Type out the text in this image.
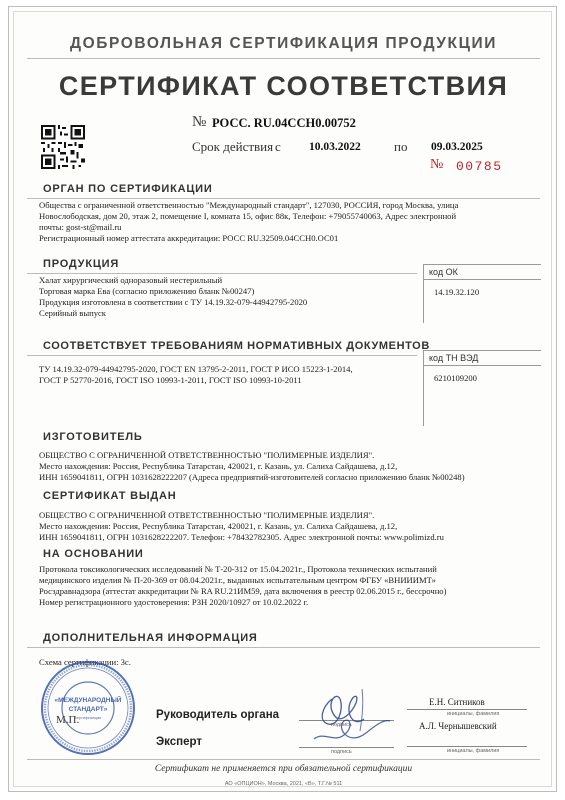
ДОБРОВОЛЬНАЯ СЕРТИФИКАЦИЯ ПРОДУКЦИИ
СЕРТИФИКАТ СООТВЕТСТВИЯ
№ РОСС. RU.04ССН0.00752
Срок действия с 10.03.2022	по 09.03.2025
№ 00785
ОРГАН ПО СЕРТИФИКАЦИИ
Общества с ограниченной ответственностью "Международный стандарт", 127030, РОССИЯ, город Москва, улица
Новослободская, дом 20, этаж 2, помещение I, комната 15, офис 88к, Телефон: +79055740063, Адрес электронной
почты: gost-st@mail.ru
Регистрационный номер аттестата аккредитации: РОСС RU.32509.04ССН0.ОС01
ПРОДУКЦИЯ
Халат хирургический одноразовый нестерильный
Торговая марка Ева (согласно приложению бланк №00247)
Продукция изготовлена в соответствии с ТУ 14.19.32-079-44942795-2020
Серийный выпуск
код ОК
14.19.32.120
СООТВЕТСТВУЕТ ТРЕБОВАНИЯМ НОРМАТИВНЫХ ДОКУМЕНТОВ
ТУ 14.19.32-079-44942795-2020, ГОСТ EN 13795-2-2011, ГОСТ Р ИСО 15223-1-2014,
ГОСТ Р 52770-2016, ГОСТ ISO 10993-1-2011, ГОСТ ISO 10993-10-2011
код ТН ВЭД
6210109200
ИЗГОТОВИТЕЛЬ
ОБЩЕСТВО С ОГРАНИЧЕННОЙ ОТВЕТСТВЕННОСТЬЮ "ПОЛИМЕРНЫЕ ИЗДЕЛИЯ".
Место нахождения: Россия, Республика Татарстан, 420021, г. Казань, ул. Салиха Сайдашева, д.12,
ИНН 1659041811, ОГРН 1031628222207 (Адреса предприятий-изготовителей согласно приложению бланк №00248)
СЕРТИФИКАТ ВЫДАН
ОБЩЕСТВО С ОГРАНИЧЕННОЙ ОТВЕТСТВЕННОСТЬЮ "ПОЛИМЕРНЫЕ ИЗДЕЛИЯ".
Место нахождения: Россия, Республика Татарстан, 420021, г. Казань, ул. Салиха Сайдашева, д.12,
ИНН 1659041811, ОГРН 1031628222207. Телефон: +78432782305. Адрес электронной почты: www.polimizd.ru
НА ОСНОВАНИИ
Протокола токсикологических исследований № Т-20-312 от 15.04.2021г., Протокола технических испытаний
медицинского изделия № П-20-369 от 08.04.2021г., выданных испытательным центром ФГБУ «ВНИИИМТ»
Росздравнадзора (аттестат аккредитации № RA RU.21ИМ59, дата включения в реестр 02.06.2015 г., бессрочно)
Номер регистрационного удостоверения: РЗН 2020/10927 от 10.02.2022 г.
ДОПОЛНИТЕЛЬНАЯ ИНФОРМАЦИЯ
Схема сертификации: 3с.
«МЕЖДУНАРОДНЫЙ
СТАНДАРТ»
сертификация
М.П.	Руководитель органа
подпись
Е.Н. Ситников
инициалы, фамилия
Эксперт
подпись
А.Л. Чернышевский
инициалы, фамилия
Сертификат не применяется при обязательной сертификации
АО «ОПЦИОН», Москва, 2021, «В», Т.Г.№ 511
